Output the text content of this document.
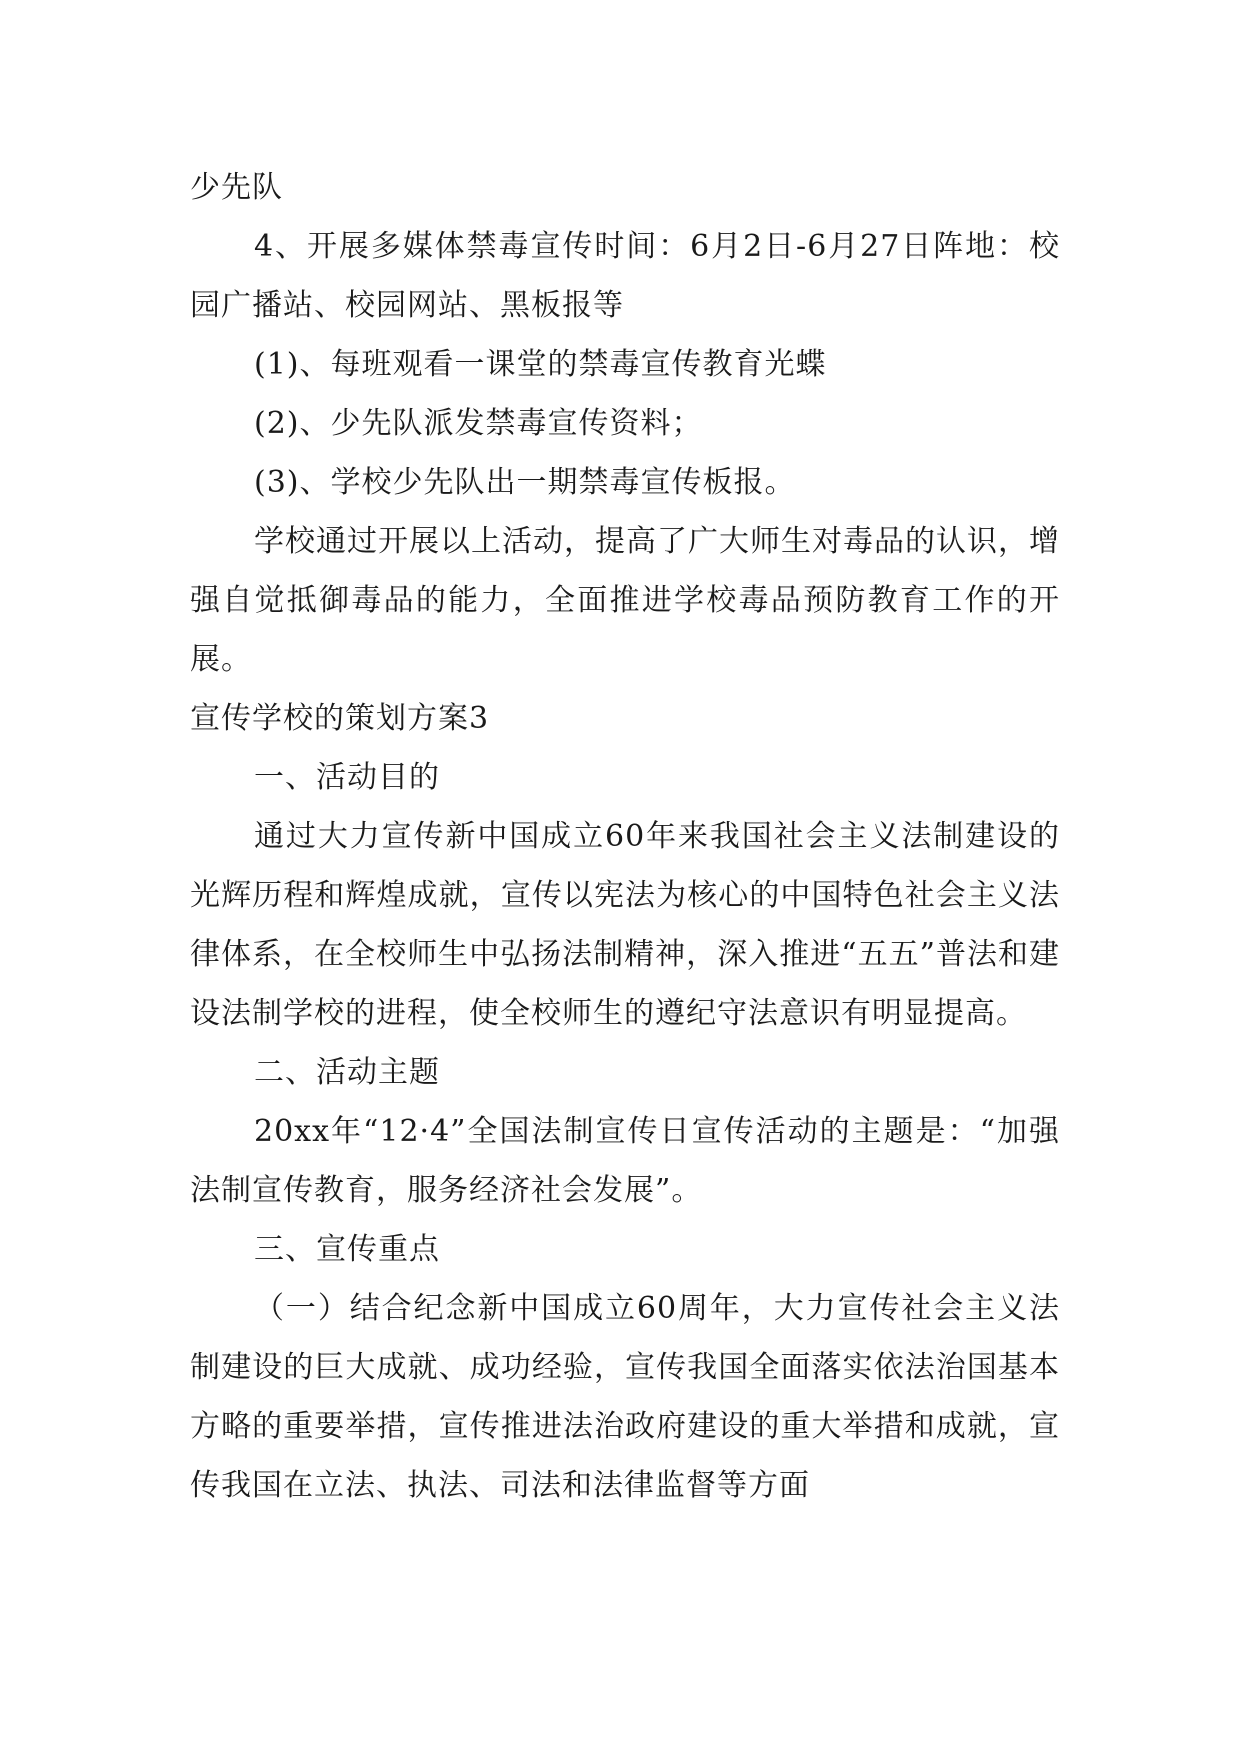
少先队

4、开展多媒体禁毒宣传时间：6月2日-6月27日阵地：校园广播站、校园网站、黑板报等

(1)、每班观看一课堂的禁毒宣传教育光蝶

(2)、少先队派发禁毒宣传资料；

(3)、学校少先队出一期禁毒宣传板报。

学校通过开展以上活动，提高了广大师生对毒品的认识，增强自觉抵御毒品的能力，全面推进学校毒品预防教育工作的开展。

宣传学校的策划方案3

一、活动目的

通过大力宣传新中国成立60年来我国社会主义法制建设的光辉历程和辉煌成就，宣传以宪法为核心的中国特色社会主义法律体系，在全校师生中弘扬法制精神，深入推进“五五”普法和建设法制学校的进程，使全校师生的遵纪守法意识有明显提高。

二、活动主题

20xx年“12·4”全国法制宣传日宣传活动的主题是：“加强法制宣传教育，服务经济社会发展”。

三、宣传重点

（一）结合纪念新中国成立60周年，大力宣传社会主义法制建设的巨大成就、成功经验，宣传我国全面落实依法治国基本方略的重要举措，宣传推进法治政府建设的重大举措和成就，宣传我国在立法、执法、司法和法律监督等方面
